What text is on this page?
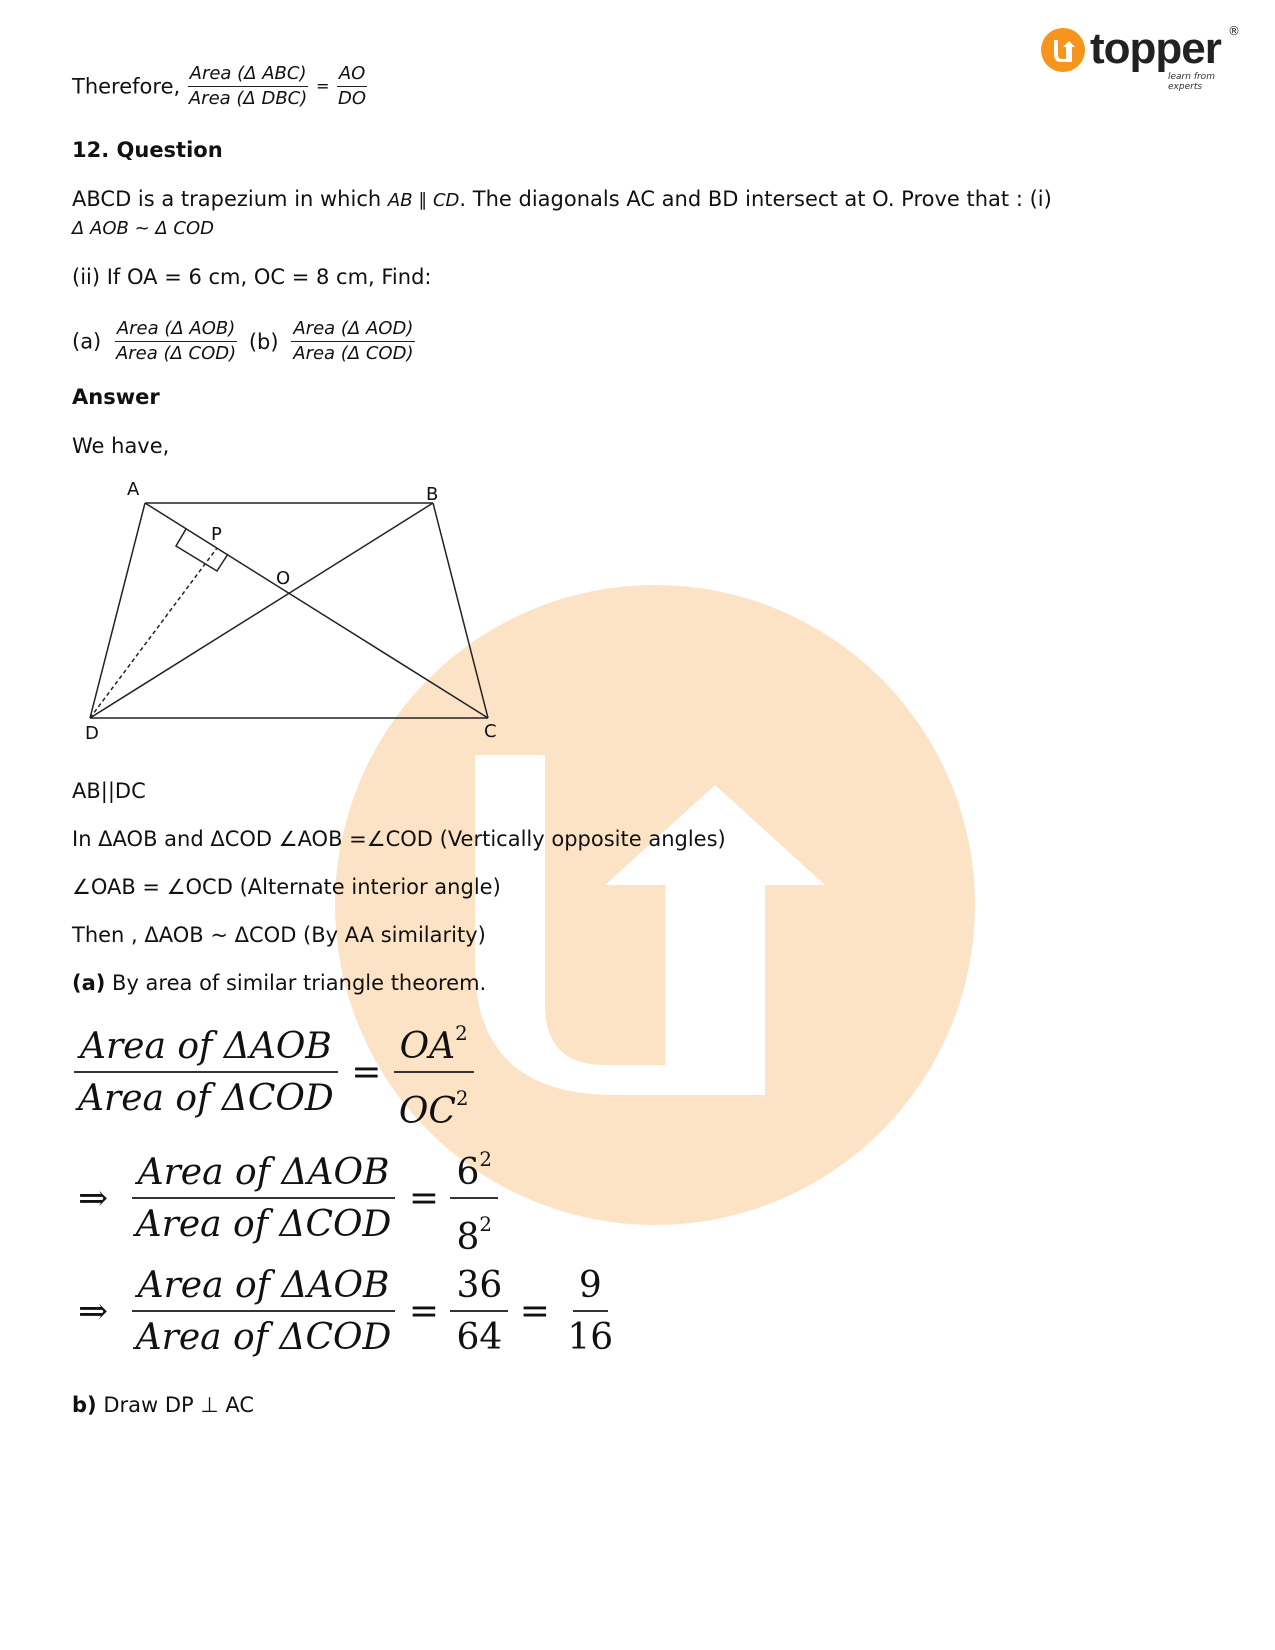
topper ®
learn from experts
Therefore, $\frac{\text{Area (Δ ABC)}}{\text{Area (Δ DBC)}} = \frac{AO}{DO}$
12. Question
ABCD is a trapezium in which AB ∥ CD. The diagonals AC and BD intersect at O. Prove that : (i)
Δ AOB ~ Δ COD
(ii) If OA = 6 cm, OC = 8 cm, Find:
$(a) \frac{\text{Area (Δ AOB)}}{\text{Area (Δ COD)}} (b) \frac{\text{Area (Δ AOD)}}{\text{Area (Δ COD)}}$
Answer
We have,
A	B
C
D
O
P
AB||DC
In ΔAOB and ΔCOD ∠AOB =∠COD (Vertically opposite angles)
∠OAB = ∠OCD (Alternate interior angle)
Then , ΔAOB ~ ΔCOD (By AA similarity)
(a) By area of similar triangle theorem.
$\frac{\text{Area of ΔAOB}}{\text{Area of ΔCOD}} = \frac{OA^2}{OC^2}$
⇒ $\frac{\text{Area of ΔAOB}}{\text{Area of ΔCOD}} = \frac{6^2}{8^2}$
⇒ $\frac{\text{Area of ΔAOB}}{\text{Area of ΔCOD}} = \frac{36}{64} = \frac{9}{16}$
b) Draw DP ⊥ AC
